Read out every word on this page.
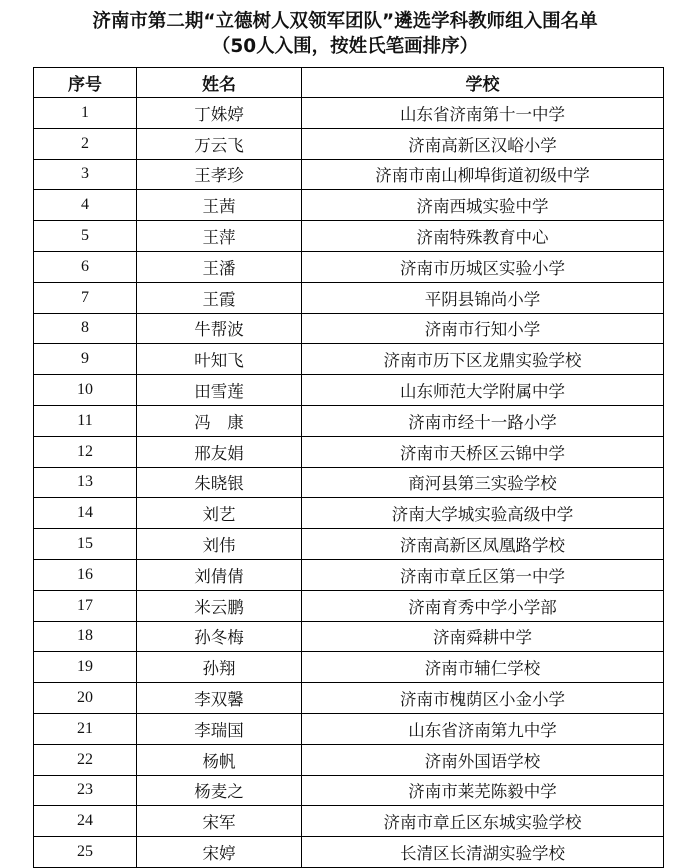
济南市第二期“立德树人双领军团队”遴选学科教师组入围名单
（50人入围，按姓氏笔画排序）
序号	姓名	学校
1	丁姝婷	山东省济南第十一中学
2	万云飞	济南高新区汉峪小学
3	王孝珍	济南市南山柳埠街道初级中学
4	王茜	济南西城实验中学
5	王萍	济南特殊教育中心
6	王潘	济南市历城区实验小学
7	王霞	平阴县锦尚小学
8	牛帮波	济南市行知小学
9	叶知飞	济南市历下区龙鼎实验学校
10	田雪莲	山东师范大学附属中学
11	冯　康	济南市经十一路小学
12	邢友娟	济南市天桥区云锦中学
13	朱晓银	商河县第三实验学校
14	刘艺	济南大学城实验高级中学
15	刘伟	济南高新区凤凰路学校
16	刘倩倩	济南市章丘区第一中学
17	米云鹏	济南育秀中学小学部
18	孙冬梅	济南舜耕中学
19	孙翔	济南市辅仁学校
20	李双馨	济南市槐荫区小金小学
21	李瑞国	山东省济南第九中学
22	杨帆	济南外国语学校
23	杨麦之	济南市莱芜陈毅中学
24	宋军	济南市章丘区东城实验学校
25	宋婷	长清区长清湖实验学校
